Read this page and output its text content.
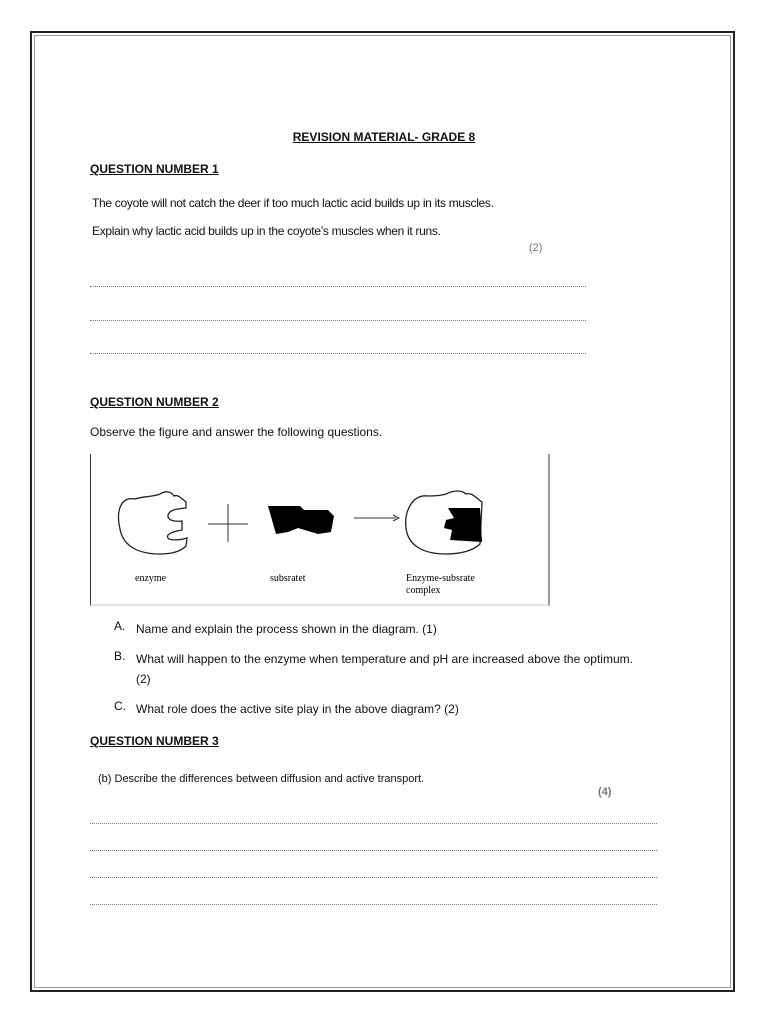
REVISION MATERIAL- GRADE 8
QUESTION NUMBER 1
The coyote will not catch the deer if too much lactic acid builds up in its muscles.
Explain why lactic acid builds up in the coyote’s muscles when it runs.
(2)
QUESTION NUMBER 2
Observe the figure and answer the following questions.
enzyme	subsratet	Enzyme-subsrate
complex
A. Name and explain the process shown in the diagram. (1)
B. What will happen to the enzyme when temperature and pH are increased above the optimum.        (2)
C. What role does the active site play in the above diagram? (2)
QUESTION NUMBER 3
(b) Describe the differences between diffusion and active transport.
(4)
